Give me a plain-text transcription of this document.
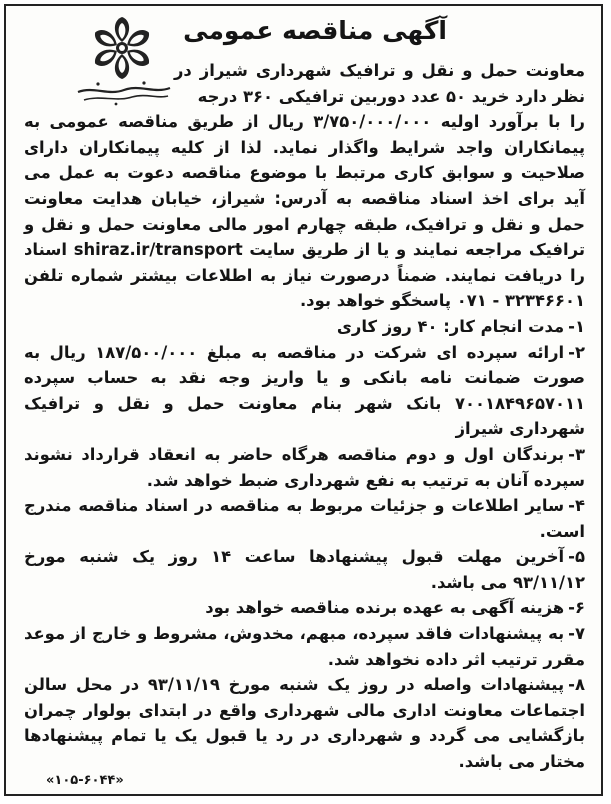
آگهی مناقصه عمومی

معاونت حمل و نقل و ترافیک شهرداری شیراز در نظر دارد خرید ۵۰ عدد دوربین ترافیکی ۳۶۰ درجه

را با برآورد اولیه ۳/۷۵۰/۰۰۰/۰۰۰ ریال از طریق مناقصه عمومی به پیمانکاران واجد شرایط واگذار نماید. لذا از کلیه پیمانکاران دارای صلاحیت و سوابق کاری مرتبط با موضوع مناقصه دعوت به عمل می آید برای اخذ اسناد مناقصه به آدرس: شیراز، خیابان هدایت معاونت حمل و نقل و ترافیک، طبقه چهارم امور مالی معاونت حمل و نقل و ترافیک مراجعه نمایند و یا از طریق سایت shiraz.ir/transport اسناد را دریافت نمایند. ضمناً درصورت نیاز به اطلاعات بیشتر شماره تلفن ۳۲۳۴۶۶۰۱ - ۰۷۱ پاسخگو خواهد بود.

۱-مدت انجام کار: ۴۰ روز کاری

۲-ارائه سپرده ای شرکت در مناقصه به مبلغ ۱۸۷/۵۰۰/۰۰۰ ریال به صورت ضمانت نامه بانکی و یا واریز وجه نقد به حساب سپرده ۷۰۰۱۸۴۹۶۵۷۰۱۱ بانک شهر بنام معاونت حمل و نقل و ترافیک شهرداری شیراز

۳-برندگان اول و دوم مناقصه هرگاه حاضر به انعقاد قرارداد نشوند سپرده آنان به ترتیب به نفع شهرداری ضبط خواهد شد.

۴-سایر اطلاعات و جزئیات مربوط به مناقصه در اسناد مناقصه مندرج است.

۵-آخرین مهلت قبول پیشنهادها ساعت ۱۴ روز یک شنبه مورخ ۹۳/۱۱/۱۲ می باشد.

۶-هزینه آگهی به عهده برنده مناقصه خواهد بود

۷-به پیشنهادات فاقد سپرده، مبهم، مخدوش، مشروط و خارج از موعد مقرر ترتیب اثر داده نخواهد شد.

۸-پیشنهادات واصله در روز یک شنبه مورخ ۹۳/۱۱/۱۹ در محل سالن اجتماعات معاونت اداری مالی شهرداری واقع در ابتدای بولوار چمران بازگشایی می گردد و شهرداری در رد یا قبول یک یا تمام پیشنهادها مختار می باشد.

«۱۰۵-۶۰۴۴»
